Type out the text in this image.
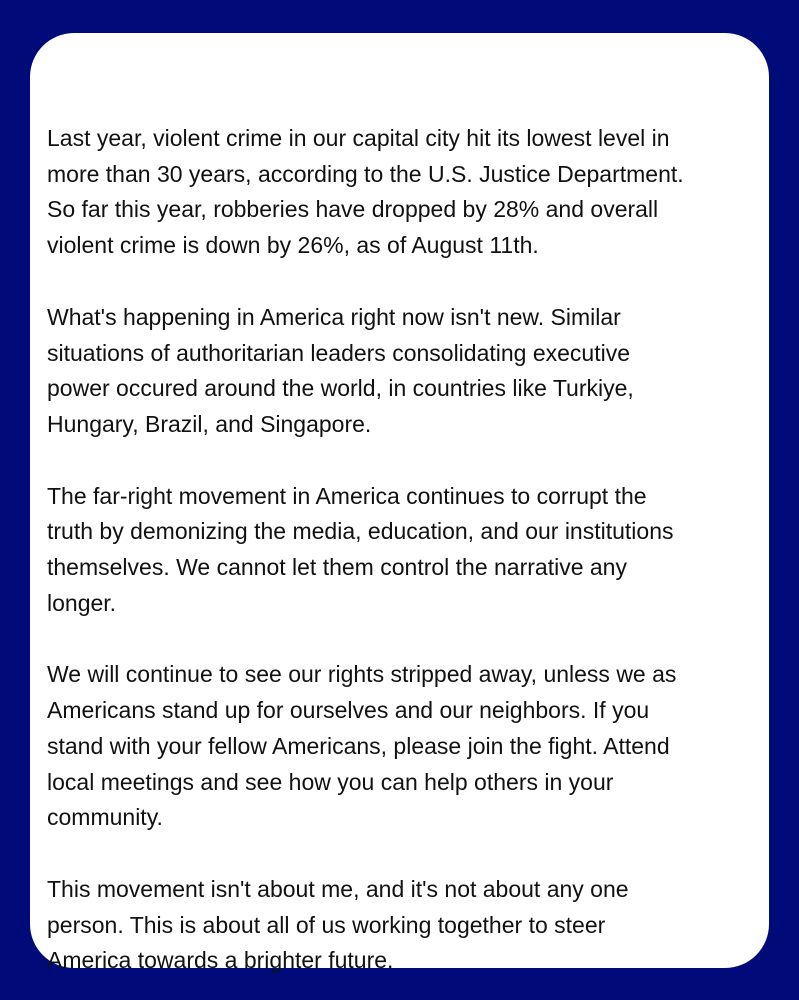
Last year, violent crime in our capital city hit its lowest level in
more than 30 years, according to the U.S. Justice Department.
So far this year, robberies have dropped by 28% and overall
violent crime is down by 26%, as of August 11th.

What's happening in America right now isn't new. Similar
situations of authoritarian leaders consolidating executive
power occured around the world, in countries like Turkiye,
Hungary, Brazil, and Singapore.

The far-right movement in America continues to corrupt the
truth by demonizing the media, education, and our institutions
themselves. We cannot let them control the narrative any
longer.

We will continue to see our rights stripped away, unless we as
Americans stand up for ourselves and our neighbors. If you
stand with your fellow Americans, please join the fight. Attend
local meetings and see how you can help others in your
community.

This movement isn't about me, and it's not about any one
person. This is about all of us working together to steer
America towards a brighter future.
